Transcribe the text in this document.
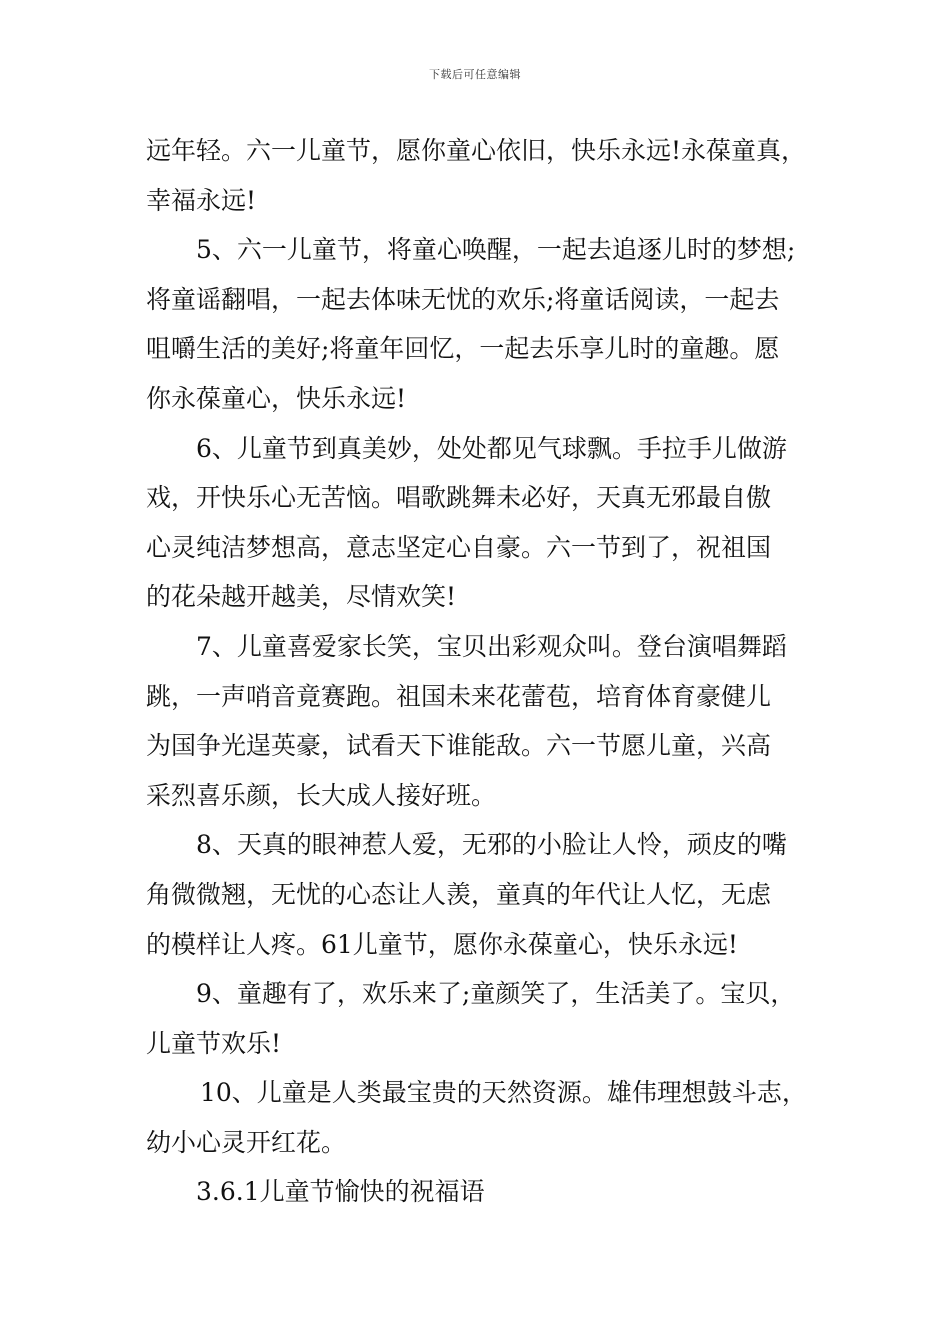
下载后可任意编辑
远年轻。六一儿童节，愿你童心依旧，快乐永远!永葆童真，
幸福永远!
5、六一儿童节，将童心唤醒，一起去追逐儿时的梦想;
将童谣翻唱，一起去体味无忧的欢乐;将童话阅读，一起去
咀嚼生活的美好;将童年回忆，一起去乐享儿时的童趣。愿
你永葆童心，快乐永远!
6、儿童节到真美妙，处处都见气球飘。手拉手儿做游
戏，开快乐心无苦恼。唱歌跳舞未必好，天真无邪最自傲
心灵纯洁梦想高，意志坚定心自豪。六一节到了，祝祖国
的花朵越开越美，尽情欢笑!
7、儿童喜爱家长笑，宝贝出彩观众叫。登台演唱舞蹈
跳，一声哨音竟赛跑。祖国未来花蕾苞，培育体育豪健儿
为国争光逞英豪，试看天下谁能敌。六一节愿儿童，兴高
采烈喜乐颜，长大成人接好班。
8、天真的眼神惹人爱，无邪的小脸让人怜，顽皮的嘴
角微微翘，无忧的心态让人羡，童真的年代让人忆，无虑
的模样让人疼。61儿童节，愿你永葆童心，快乐永远!
9、童趣有了，欢乐来了;童颜笑了，生活美了。宝贝，
儿童节欢乐!
10、儿童是人类最宝贵的天然资源。雄伟理想鼓斗志，
幼小心灵开红花。
3.6.1儿童节愉快的祝福语
